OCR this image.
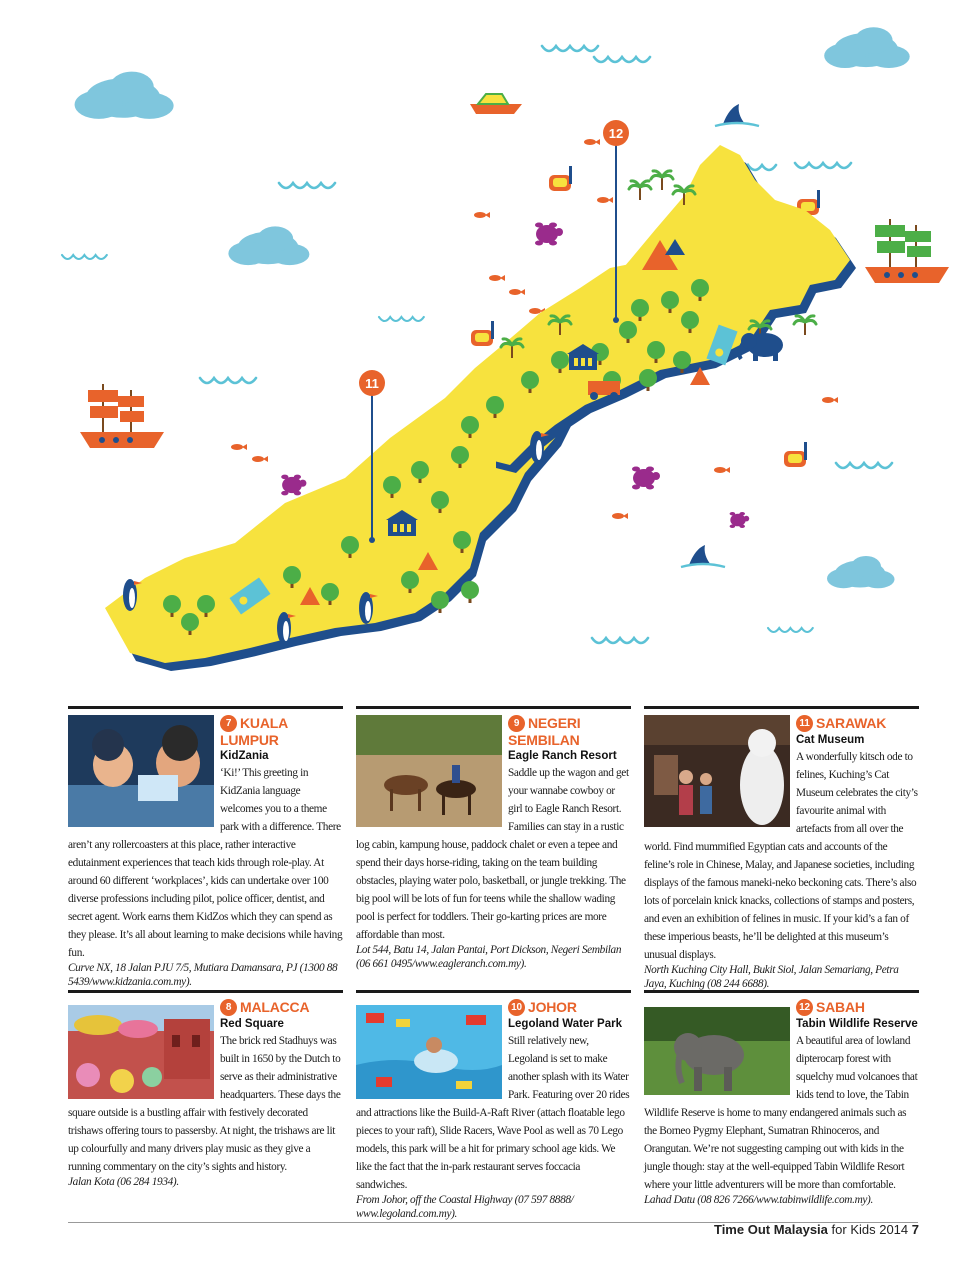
11
12
7 KUALA LUMPUR
KidZania
‘Ki!’ This greeting in KidZania language welcomes you to a theme park with a difference. There aren’t any rollercoasters at this place, rather interactive edutainment experiences that teach kids through role-play. At around 60 different ‘workplaces’, kids can undertake over 100 diverse professions including pilot, police officer, dentist, and secret agent. Work earns them KidZos which they can spend as they please. It’s all about learning to make decisions while having fun.
Curve NX, 18 Jalan PJU 7/5, Mutiara Damansara, PJ (1300 88 5439/www.kidzania.com.my).
9 NEGERI SEMBILAN
Eagle Ranch Resort
Saddle up the wagon and get your wannabe cowboy or girl to Eagle Ranch Resort. Families can stay in a rustic log cabin, kampung house, paddock chalet or even a tepee and spend their days horse-riding, taking on the team building obstacles, playing water polo, basketball, or jungle trekking. The big pool will be lots of fun for teens while the shallow wading pool is perfect for toddlers. Their go-karting prices are more affordable than most.
Lot 544, Batu 14, Jalan Pantai, Port Dickson, Negeri Sembilan (06 661 0495/www.eagleranch.com.my).
11 SARAWAK
Cat Museum
A wonderfully kitsch ode to felines, Kuching’s Cat Museum celebrates the city’s favourite animal with artefacts from all over the world. Find mummified Egyptian cats and accounts of the feline’s role in Chinese, Malay, and Japanese societies, including displays of the famous maneki-neko beckoning cats. There’s also lots of porcelain knick knacks, collections of stamps and posters, and even an exhibition of felines in music. If your kid’s a fan of these imperious beasts, he’ll be delighted at this museum’s unusual displays.
North Kuching City Hall, Bukit Siol, Jalan Semariang, Petra Jaya, Kuching (08 244 6688).
8 MALACCA
Red Square
The brick red Stadhuys was built in 1650 by the Dutch to serve as their administrative headquarters. These days the square outside is a bustling affair with festively decorated trishaws offering tours to passersby. At night, the trishaws are lit up colourfully and many drivers play music as they give a running commentary on the city’s sights and history.
Jalan Kota (06 284 1934).
10 JOHOR
Legoland Water Park
Still relatively new, Legoland is set to make another splash with its Water Park. Featuring over 20 rides and attractions like the Build-A-Raft River (attach floatable lego pieces to your raft), Slide Racers, Wave Pool as well as 70 Lego models, this park will be a hit for primary school age kids. We like the fact that the in-park restaurant serves foccacia sandwiches.
From Johor, off the Coastal Highway (07 597 8888/ www.legoland.com.my).
12 SABAH
Tabin Wildlife Reserve
A beautiful area of lowland dipterocarp forest with squelchy mud volcanoes that kids tend to love, the Tabin Wildlife Reserve is home to many endangered animals such as the Borneo Pygmy Elephant, Sumatran Rhinoceros, and Orangutan. We’re not suggesting camping out with kids in the jungle though: stay at the well-equipped Tabin Wildlife Resort where your little adventurers will be more than comfortable.
Lahad Datu (08 826 7266/www.tabinwildlife.com.my).
Time Out Malaysia for Kids 2014 7
